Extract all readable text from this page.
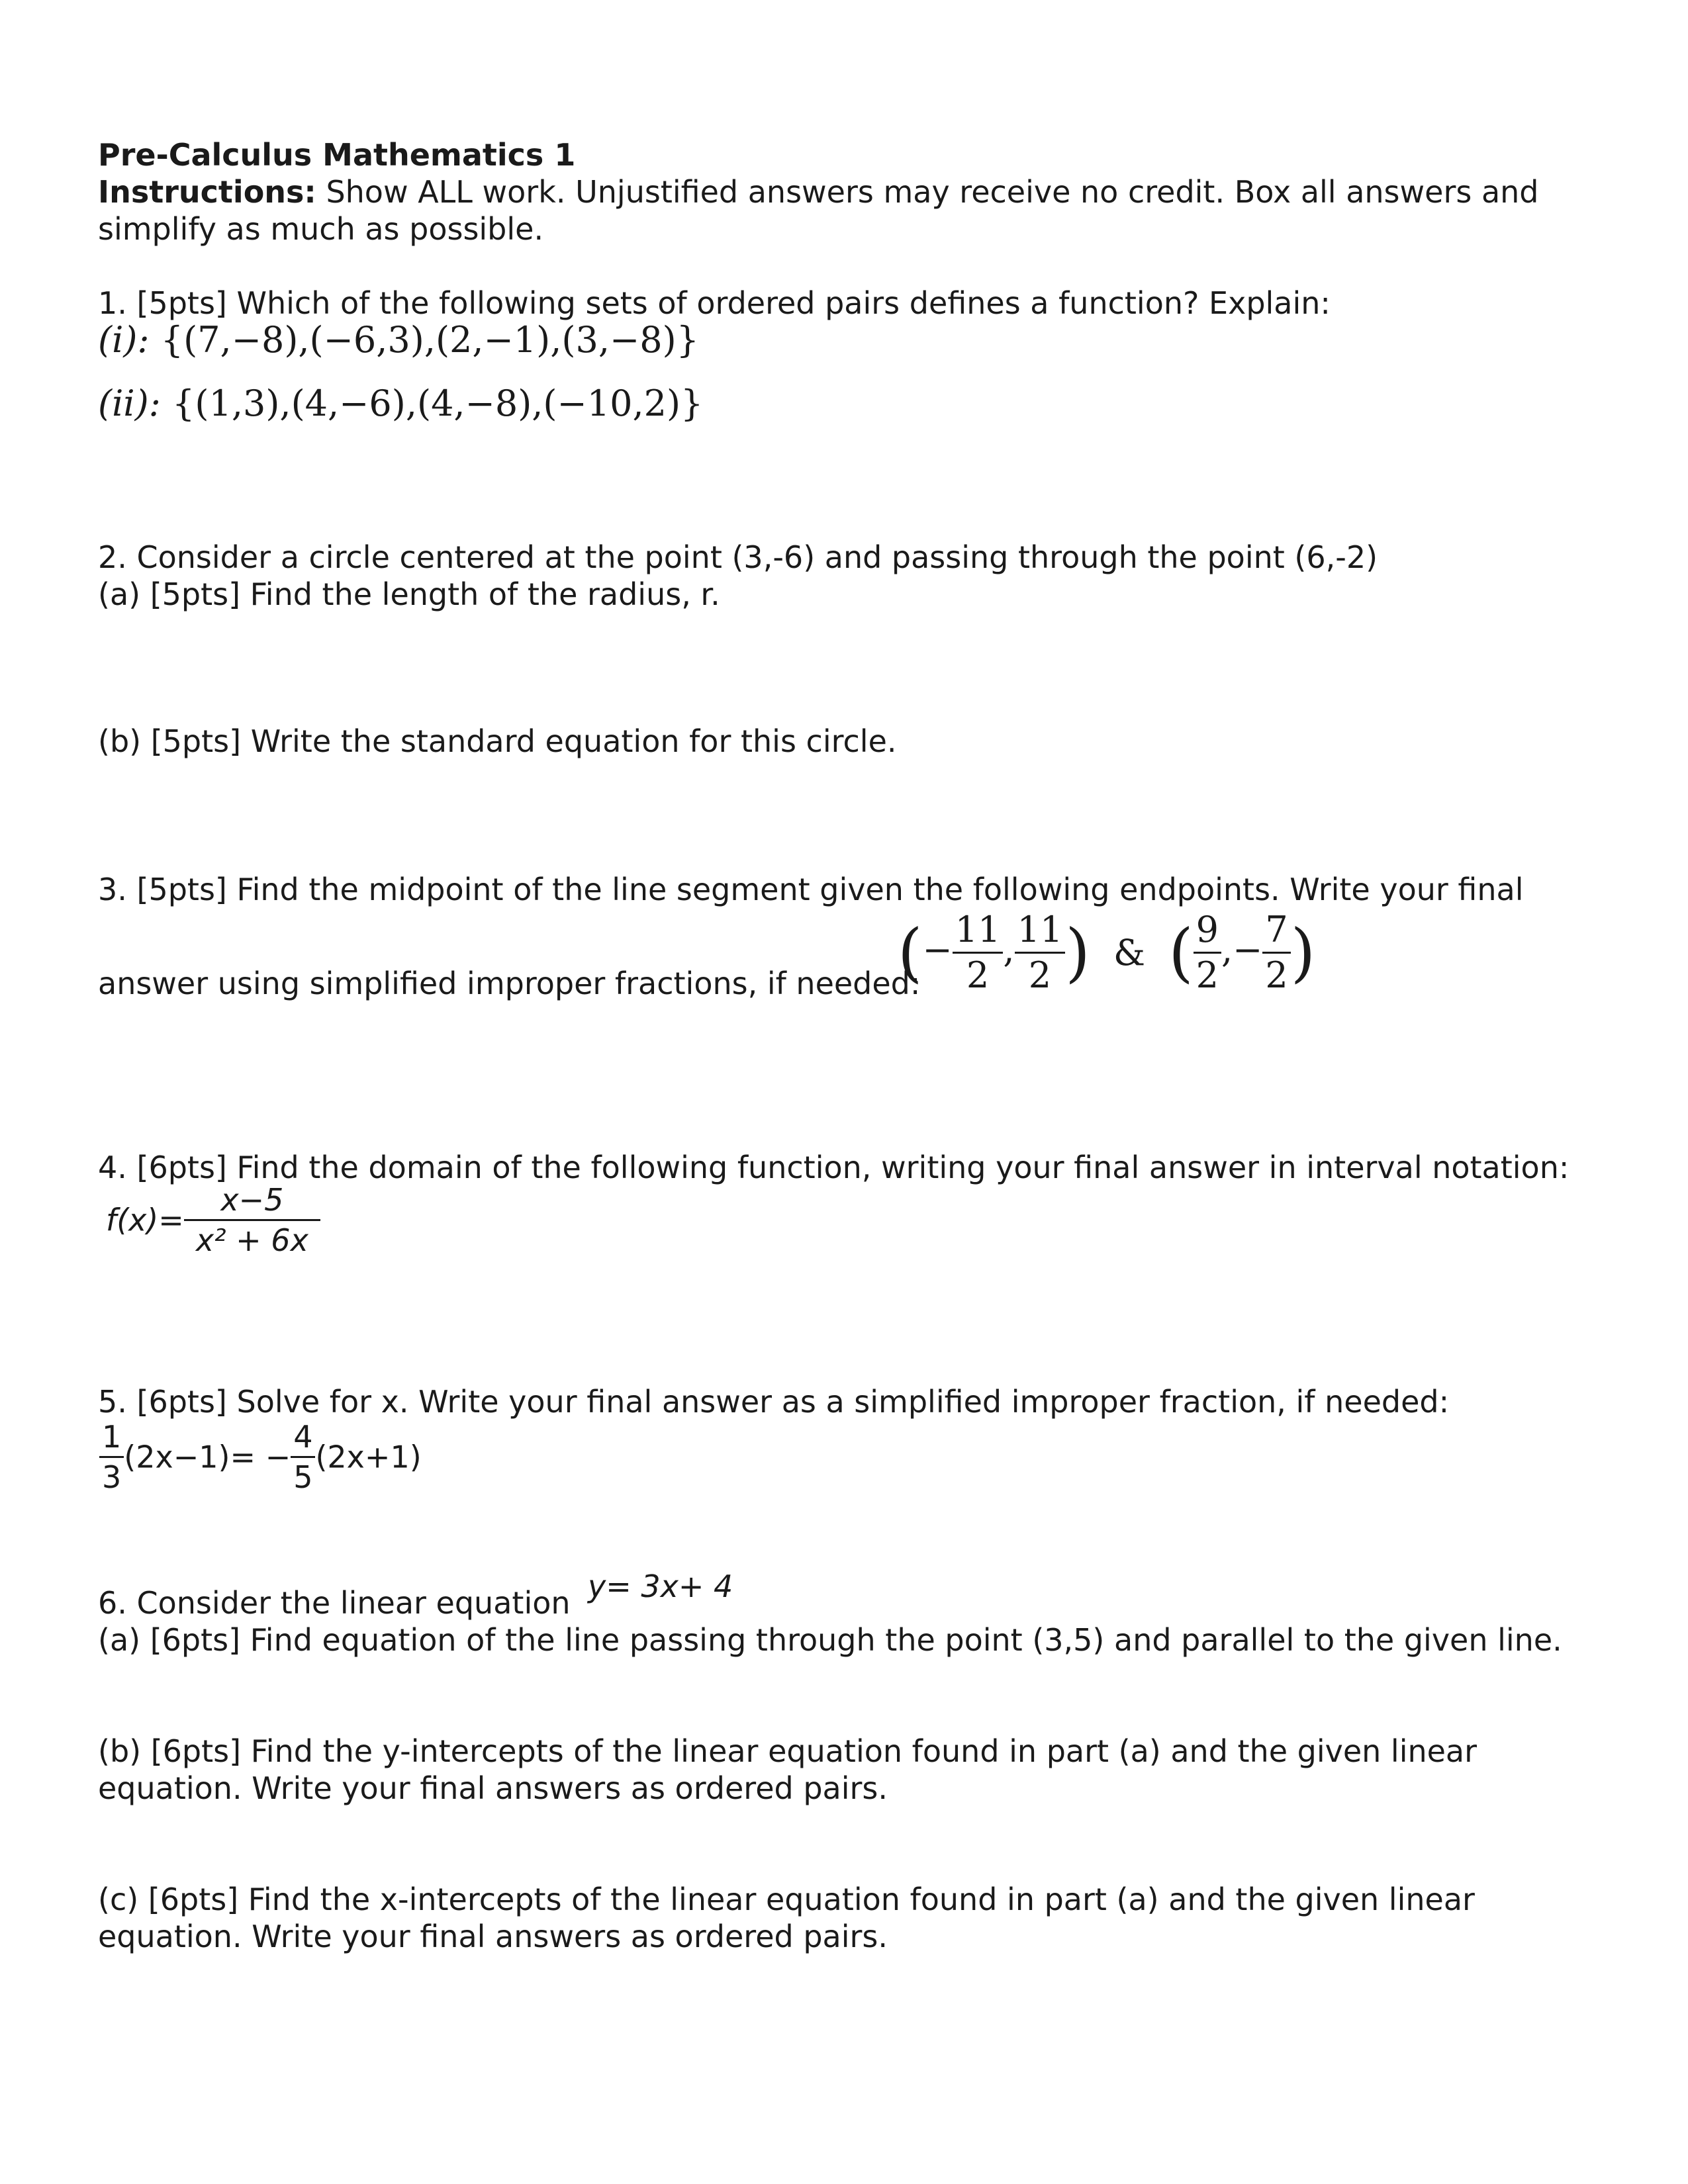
Pre-Calculus Mathematics 1
Instructions: Show ALL work. Unjustified answers may receive no credit. Box all answers and
simplify as much as possible.
1. [5pts] Which of the following sets of ordered pairs defines a function? Explain:
(i): {(7,−8),(−6,3),(2,−1),(3,−8)}
(ii): {(1,3),(4,−6),(4,−8),(−10,2)}
2. Consider a circle centered at the point (3,-6) and passing through the point (6,-2)
(a) [5pts] Find the length of the radius, r.
(b) [5pts] Write the standard equation for this circle.
3. [5pts] Find the midpoint of the line segment given the following endpoints. Write your final
answer using simplified improper fractions, if needed:
(− $\frac{11}{2}$ , $\frac{11}{2}$ ) & ( $\frac{9}{2}$ ,− $\frac{7}{2}$ )
4. [6pts] Find the domain of the following function, writing your final answer in interval notation:
$f(x)= \frac{x-5}{\text{x² + 6x}}$
5. [6pts] Solve for x. Write your final answer as a simplified improper fraction, if needed:
$\frac{1}{3} (2x-1)= - \frac{4}{5} (2x+1)$
6. Consider the linear equation y= 3x+ 4
(a) [6pts] Find equation of the line passing through the point (3,5) and parallel to the given line.
(b) [6pts] Find the y-intercepts of the linear equation found in part (a) and the given linear
equation. Write your final answers as ordered pairs.
(c) [6pts] Find the x-intercepts of the linear equation found in part (a) and the given linear
equation. Write your final answers as ordered pairs.
